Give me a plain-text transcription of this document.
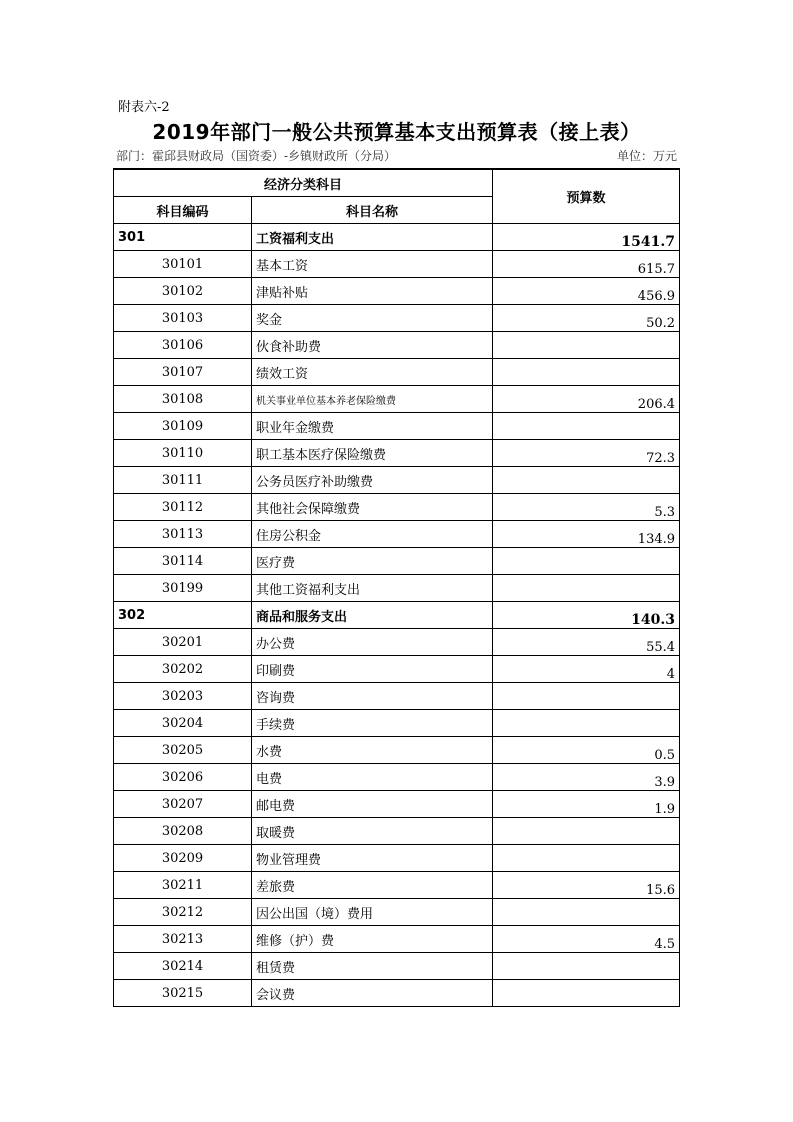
附表六-2
2019年部门一般公共预算基本支出预算表（接上表）
部门：霍邱县财政局（国资委）-乡镇财政所（分局）	单位：万元
经济分类科目		预算数
科目编码	科目名称	
301	工资福利支出	1541.7
30101	基本工资	615.7
30102	津贴补贴	456.9
30103	奖金	50.2
30106	伙食补助费	
30107	绩效工资	
30108	机关事业单位基本养老保险缴费	206.4
30109	职业年金缴费	
30110	职工基本医疗保险缴费	72.3
30111	公务员医疗补助缴费	
30112	其他社会保障缴费	5.3
30113	住房公积金	134.9
30114	医疗费	
30199	其他工资福利支出	
302	商品和服务支出	140.3
30201	办公费	55.4
30202	印刷费	4
30203	咨询费	
30204	手续费	
30205	水费	0.5
30206	电费	3.9
30207	邮电费	1.9
30208	取暖费	
30209	物业管理费	
30211	差旅费	15.6
30212	因公出国（境）费用	
30213	维修（护）费	4.5
30214	租赁费	
30215	会议费	
